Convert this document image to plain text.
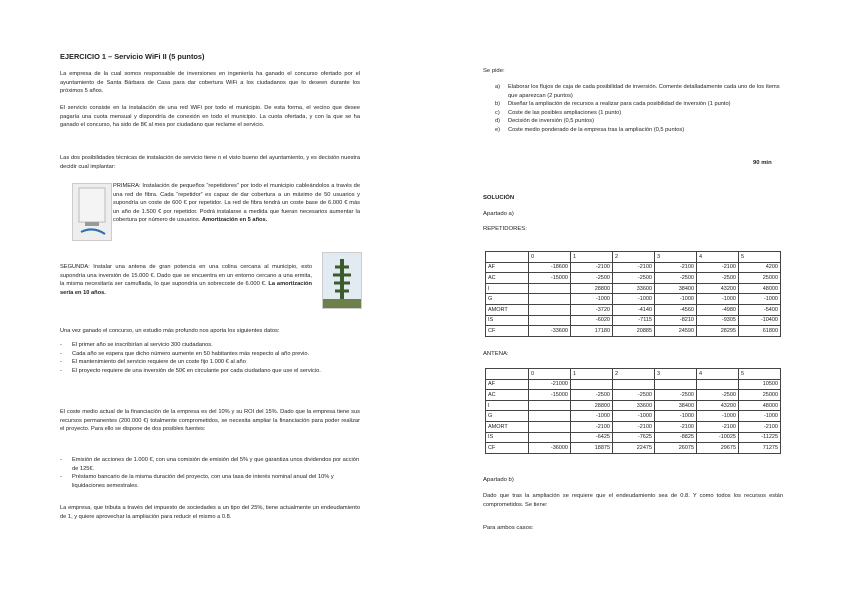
EJERCICIO 1 – Servicio WiFi II (5 puntos)
La empresa de la cual somos responsable de inversiones en ingeniería ha ganado el concurso ofertado por el ayuntamiento de Santa Bárbara de Casa para dar cobertura WiFi a los ciudadanos que lo deseen durante los próximos 5 años.
El servicio consiste en la instalación de una red WiFi por todo el municipio. De esta forma, el vecino que desee pagaría una cuota mensual y dispondría de conexión en todo el municipio. La cuota ofertada, y con la que se ha ganado el concurso, ha sido de 8€ al mes por ciudadano que reclame el servicio.
Las dos posibilidades técnicas de instalación de servicio tiene n el visto bueno del ayuntamiento, y es decisión nuestra decidir cual implantar:
PRIMERA: Instalación de pequeños “repetidores” por todo el municipio cableándolos a través de una red de fibra. Cada “repetidor” es capaz de dar cobertura a un máximo de 50 usuarios y supondría un coste de 600 € por repetidor. La red de fibra tendrá un coste base de 6.000 € más un año de 1.500 € por repetidor. Podrá instalarse a medida que fueran necesarios aumentar la cobertura por número de usuarios. Amortización en 5 años.
SEGUNDA: Instalar una antena de gran potencia en una colina cercana al municipio, esto supondría una inversión de 15.000 €. Dado que se encuentra en un entorno cercano a una ermita, la misma necesitaría ser camuflada, lo que supondría un sobrecoste de 6.000 €. La amortización sería en 10 años.
Una vez ganado el concurso, un estudio más profundo nos aporta los siguientes datos:
- El primer año se inscribirían al servicio 300 ciudadanos.
- Cada año se espera que dicho número aumente en 50 habitantes más respecto al año previo.
- El mantenimiento del servicio requiere de un coste fijo 1.000 € al año
- El proyecto requiere de una inversión de 50€ en circulante por cada ciudadano que use el servicio.
El coste medio actual de la financiación de la empresa es del 10% y su ROI del 15%. Dado que la empresa tiene sus recursos permanentes (200.000 €) totalmente comprometidos, se necesita ampliar la financiación para poder realizar el proyecto. Para ello se dispone de dos posibles fuentes:
- Emisión de acciones de 1.000 €, con una comisión de emisión del 5% y que garantiza unos dividendos por acción de 125€.
- Préstamo bancario de la misma duración del proyecto, con una tasa de interés nominal anual del 10% y liquidaciones semestrales.
La empresa, que tributa a través del impuesto de sociedades a un tipo del 25%, tiene actualmente un endeudamiento de 1, y quiere aprovechar la ampliación para reducir el mismo a 0.8.
Se pide:
a) Elaborar los flujos de caja de cada posibilidad de inversión. Comente detalladamente cada uno de los ítems que aparezcan (2 puntos)
b) Diseñar la ampliación de recursos a realizar para cada posibilidad de inversión (1 punto)
c) Coste de las posibles ampliaciones (1 punto)
d) Decisión de inversión (0,5 puntos)
e) Coste medio ponderado de la empresa tras la ampliación (0,5 puntos)
90 min
SOLUCIÓN
Apartado a)
REPETIDORES:
	0	1	2	3	4	5
AF	-18600	-2100	-2100	-2100	-2100	4200
AC	-15000	-2500	-2500	-2500	-2500	25000
I		28800	33600	38400	43200	48000
G		-1000	-1000	-1000	-1000	-1000
AMORT		-3720	-4140	-4560	-4980	-5400
IS		-6020	-7115	-8210	-9305	-10400
CF	-33600	17180	20885	24590	28295	61800
ANTENA:
	0	1	2	3	4	5
AF	-21000					10500
AC	-15000	-2500	-2500	-2500	-2500	25000
I		28800	33600	38400	43200	48000
G		-1000	-1000	-1000	-1000	-1000
AMORT		-2100	-2100	-2100	-2100	-2100
IS		-6425	-7625	-8825	-10025	-11225
CF	-36000	18875	22475	26075	29675	71275
Apartado b)
Dado que tras la ampliación se requiere que el endeudamiento sea de 0.8. Y como todos los recursos están comprometidos. Se tiene:
Para ambos casos:
